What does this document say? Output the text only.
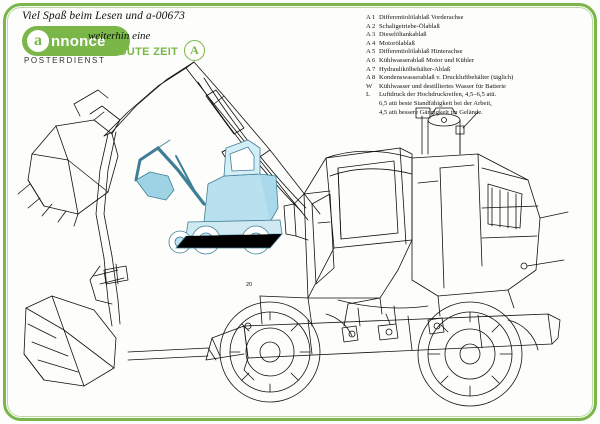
20
Viel Spaß beim Lesen und a-00673
a nnonce
POSTERDIENST
weiterhin eine
GUTE ZEIT	A
A 1 Differentiolölablaß Vorderachse
A 2 Schaltgetriebe-Ölablaß
A 3 Dieselöltankablaß
A 4 Motorölablaß
A 5 Differentiolölablaß Hinterachse
A 6 Kühlwasserablaß Motor und Kühler
A 7 Hydraulikölbehälter-Ablaß
A 8 Kondenswasserablaß v. Druckluftbehälter (täglich)
W	Kühlwasser und destilliertes Wasser für Batterie
L	Luftdruck der Hochdruckreifen, 4,5–6,5 atü.
6,5 atü beste Standfähigkeit bei der Arbeit,
4,5 atü bessere Gängigkeit im Gelände.
